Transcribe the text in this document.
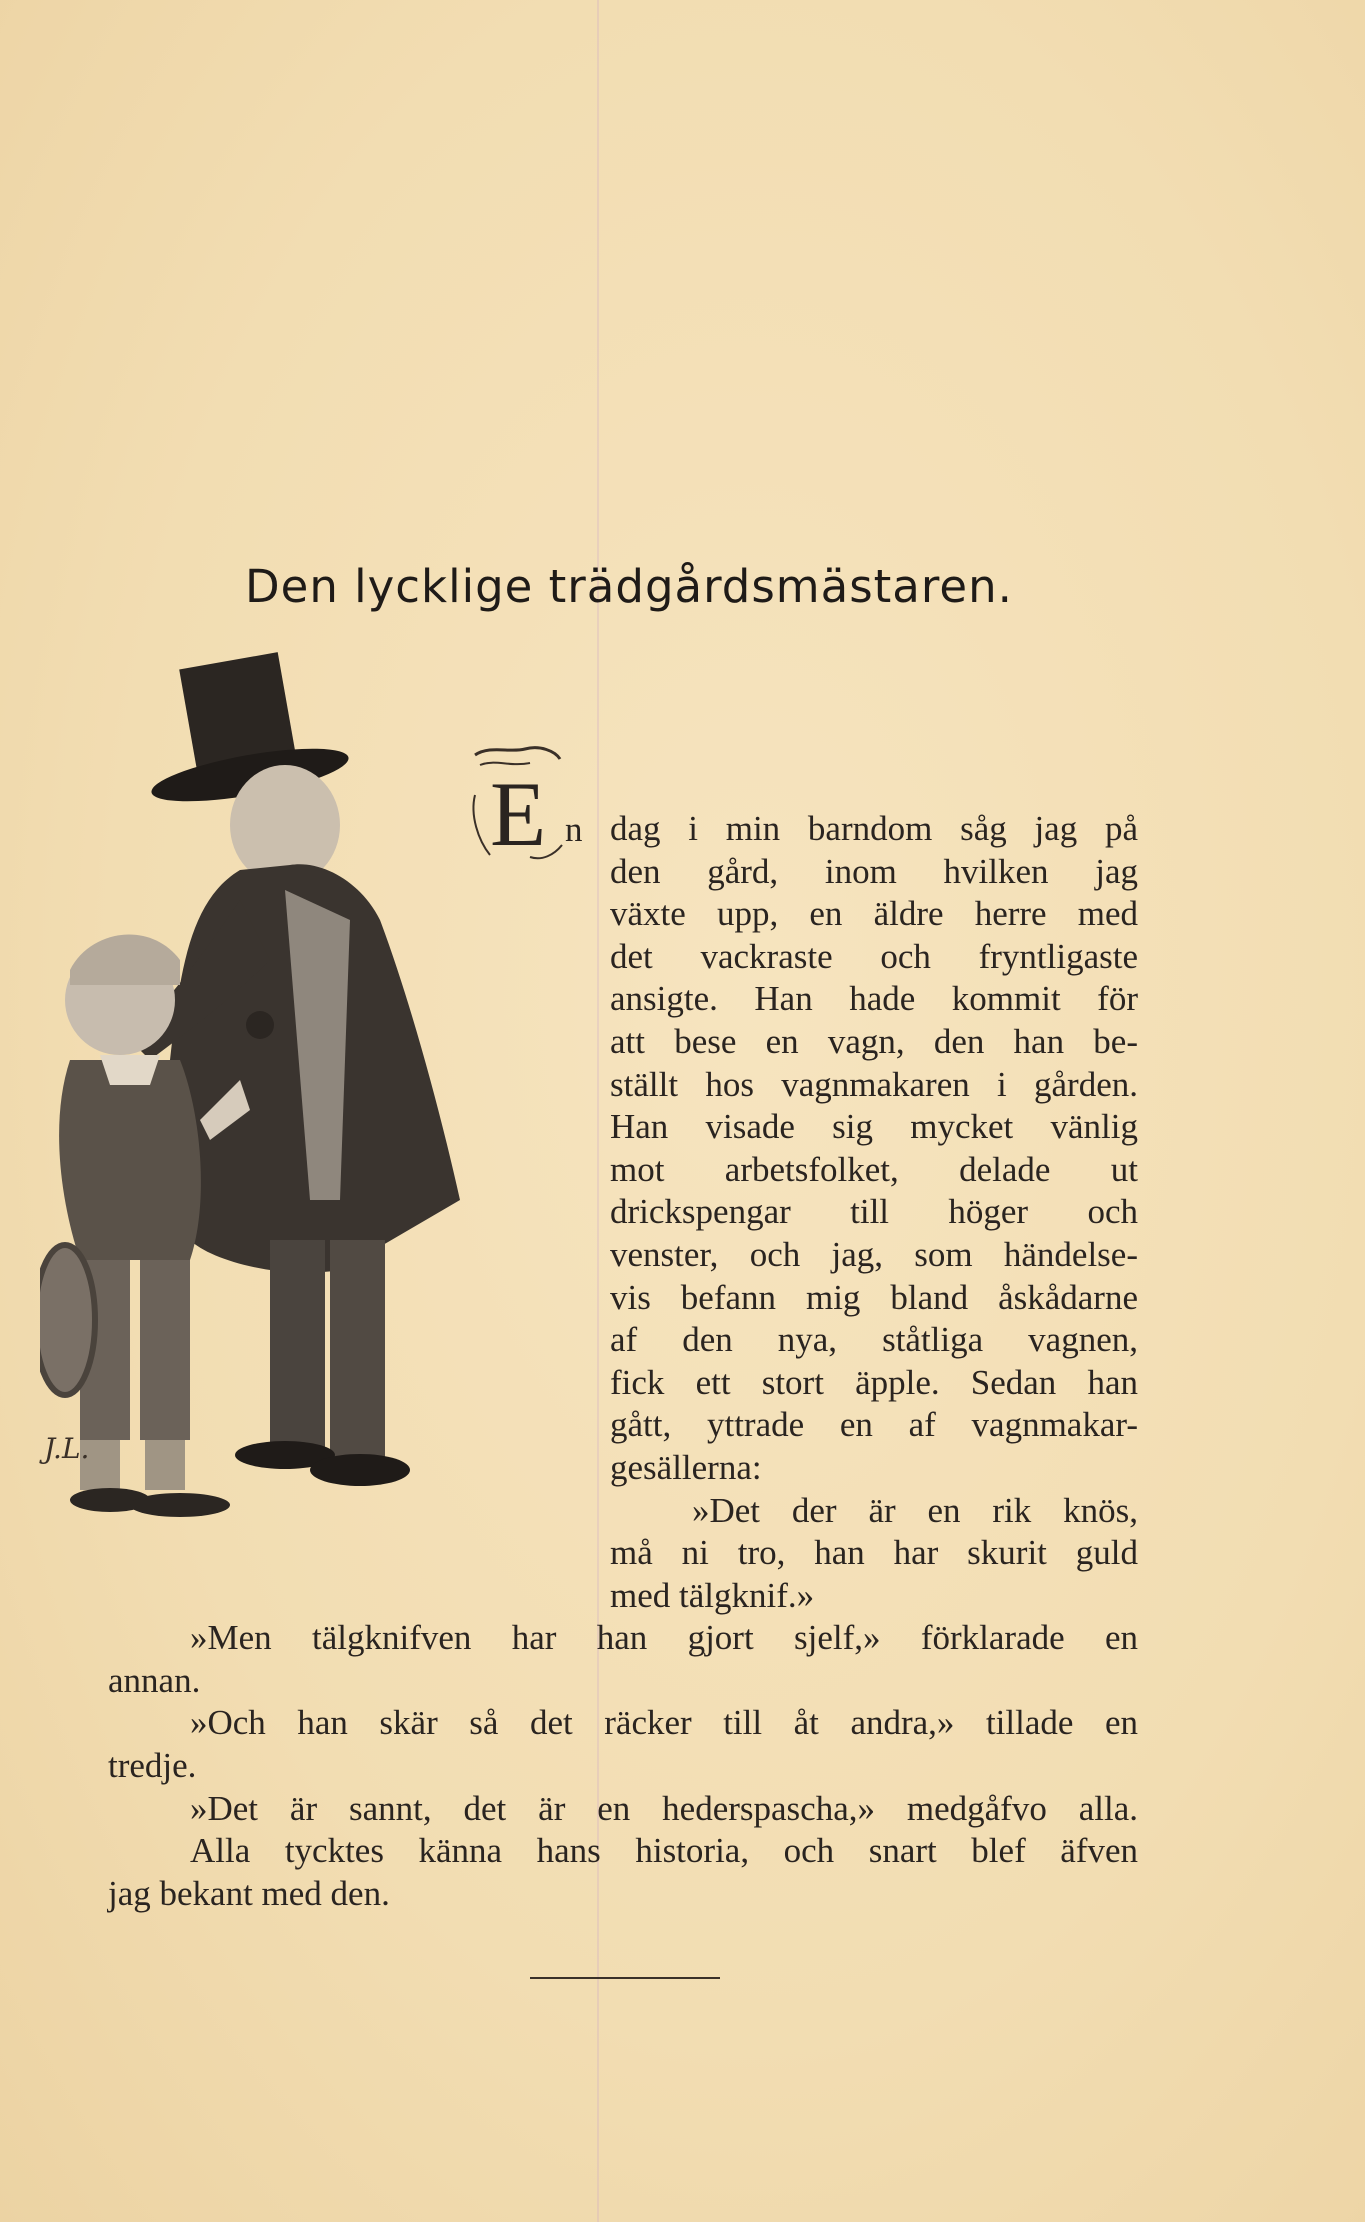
Den lycklige trädgårdsmästaren.
J.L.
E n dag i min barndom såg jag på
den gård, inom hvilken jag
växte upp, en äldre herre med
det vackraste och fryntligaste
ansigte. Han hade kommit för
att bese en vagn, den han be-
ställt hos vagnmakaren i gården.
Han visade sig mycket vänlig
mot arbetsfolket, delade ut
drickspengar till höger och
venster, och jag, som händelse-
vis befann mig bland åskådarne
af den nya, ståtliga vagnen,
fick ett stort äpple. Sedan han
gått, yttrade en af vagnmakar-
gesällerna:
»Det der är en rik knös,
må ni tro, han har skurit guld
med tälgknif.»
»Men tälgknifven har han gjort sjelf,» förklarade en
annan.
»Och han skär så det räcker till åt andra,» tillade en
tredje.
»Det är sannt, det är en hederspascha,» medgåfvo alla.
Alla tycktes känna hans historia, och snart blef äfven
jag bekant med den.
